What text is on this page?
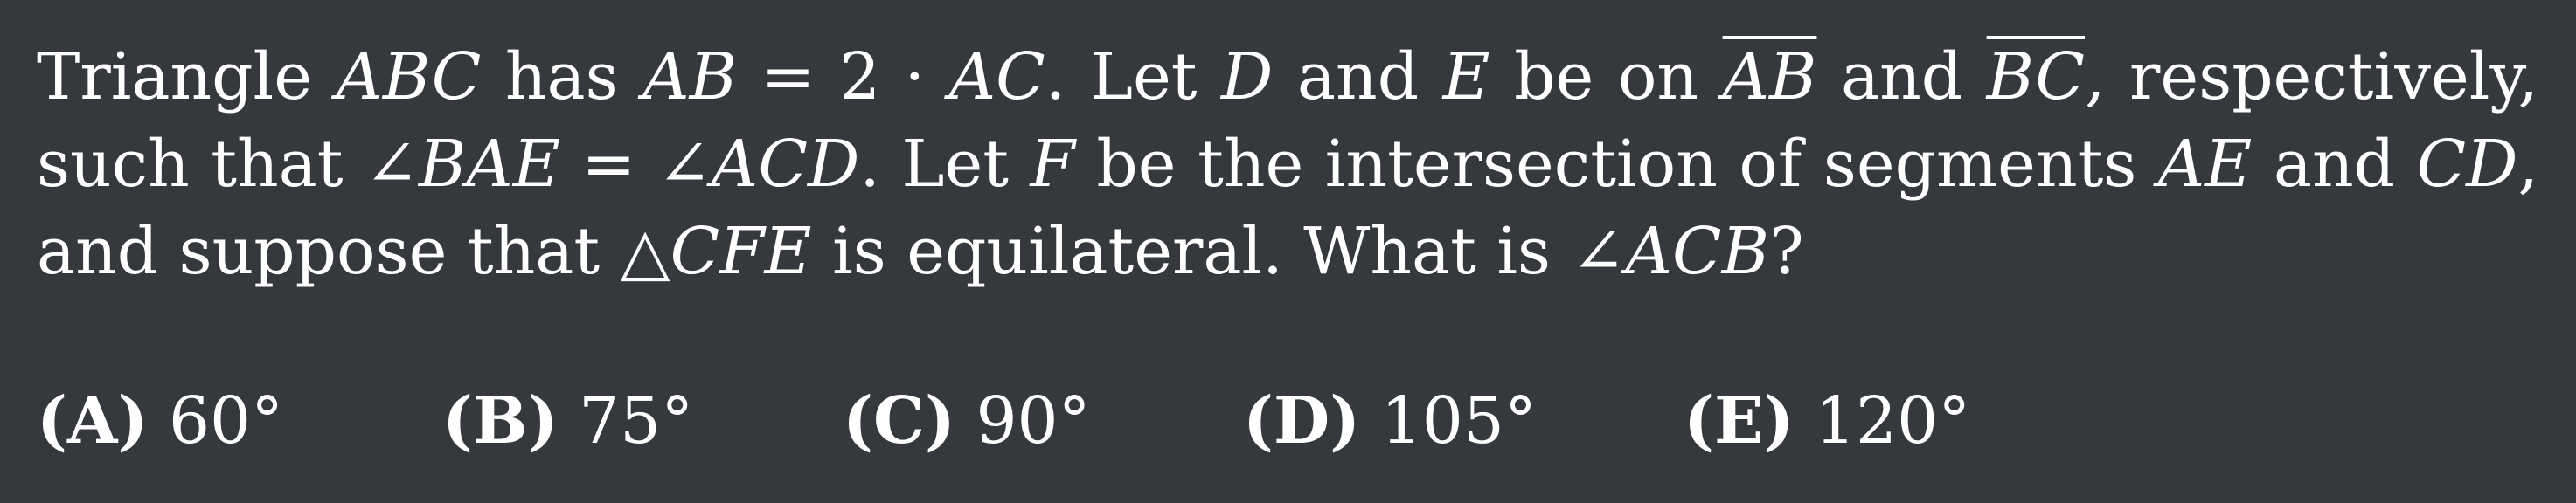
Triangle ABC has AB = 2 · AC. Let D and E be on $\overline{AB}$ and $\overline{BC}$, respectively, such that ∠BAE = ∠ACD. Let F be the intersection of segments AE and CD, and suppose that △CFE is equilateral. What is ∠ACB?

(A) 60° (B) 75° (C) 90° (D) 105° (E) 120°
